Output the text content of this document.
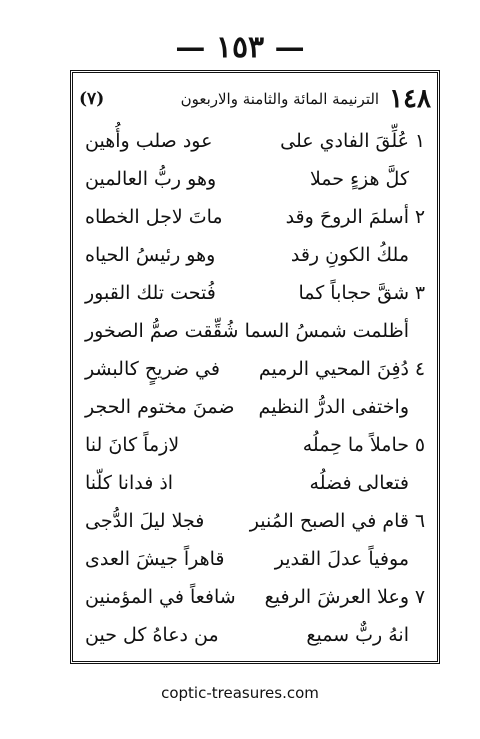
— ١٥٣ —
١٤٨
الترنيمة المائة والثامنة والاربعون
(٧)
١
عُلِّقَ الفادي على
عود صلب وأُهين
كلَّ هزءٍ حملا
وهو ربُّ العالمين
٢
أسلمَ الروحَ وقد
ماتَ لاجل الخطاه
ملكُ الكونِ رقد
وهو رئيسُ الحياه
٣
شقَّ حجاباً كما
فُتحت تلك القبور
أظلمت شمسُ السما
شُقِّقت صمُّ الصخور
٤
دُفِنَ المحيي الرميم
في ضريحٍ كالبشر
واختفى الدرُّ النظيم
ضمنَ مختوم الحجر
٥
حاملاً ما حِملُه
لازماً كانَ لنا
فتعالى فضلُه
اذ فدانا كلّنا
٦
قام في الصبح المُنير
فجلا ليلَ الدُّجى
موفياً عدلَ القدير
قاهراً جيشَ العدى
٧
وعلا العرشَ الرفيع
شافعاً في المؤمنين
انهُ ربٌّ سميع
من دعاهُ كل حين
coptic-treasures.com
